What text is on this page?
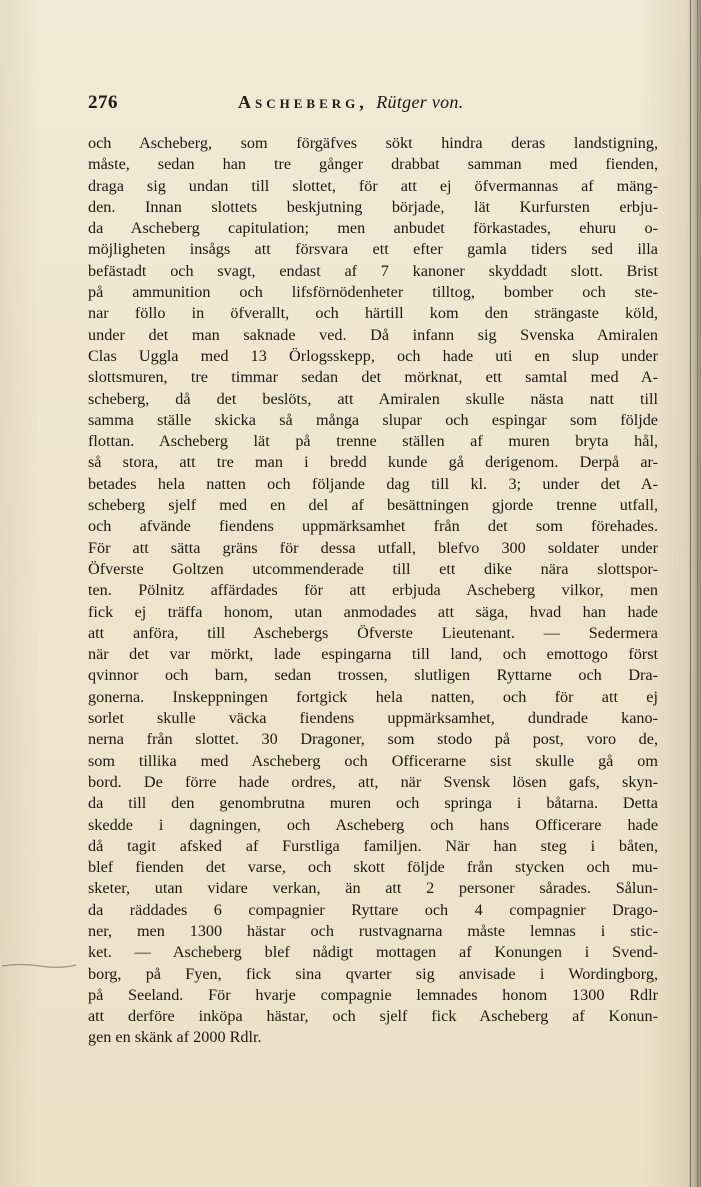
276	Ascheberg, Rütger von.
och Ascheberg, som förgäfves sökt hindra deras landstigning,
måste, sedan han tre gånger drabbat samman med fienden,
draga sig undan till slottet, för att ej öfvermannas af mäng-
den. Innan slottets beskjutning började, lät Kurfursten erbju-
da Ascheberg capitulation; men anbudet förkastades, ehuru o-
möjligheten insågs att försvara ett efter gamla tiders sed illa
befästadt och svagt, endast af 7 kanoner skyddadt slott. Brist
på ammunition och lifsförnödenheter tilltog, bomber och ste-
nar föllo in öfverallt, och härtill kom den strängaste köld,
under det man saknade ved. Då infann sig Svenska Amiralen
Clas Uggla med 13 Örlogsskepp, och hade uti en slup under
slottsmuren, tre timmar sedan det mörknat, ett samtal med A-
scheberg, då det beslöts, att Amiralen skulle nästa natt till
samma ställe skicka så många slupar och espingar som följde
flottan. Ascheberg lät på trenne ställen af muren bryta hål,
så stora, att tre man i bredd kunde gå derigenom. Derpå ar-
betades hela natten och följande dag till kl. 3; under det A-
scheberg sjelf med en del af besättningen gjorde trenne utfall,
och afvände fiendens uppmärksamhet från det som förehades.
För att sätta gräns för dessa utfall, blefvo 300 soldater under
Öfverste Goltzen utcommenderade till ett dike nära slottspor-
ten. Pölnitz affärdades för att erbjuda Ascheberg vilkor, men
fick ej träffa honom, utan anmodades att säga, hvad han hade
att anföra, till Aschebergs Öfverste Lieutenant. — Sedermera
när det var mörkt, lade espingarna till land, och emottogo först
qvinnor och barn, sedan trossen, slutligen Ryttarne och Dra-
gonerna. Inskeppningen fortgick hela natten, och för att ej
sorlet skulle väcka fiendens uppmärksamhet, dundrade kano-
nerna från slottet. 30 Dragoner, som stodo på post, voro de,
som tillika med Ascheberg och Officerarne sist skulle gå om
bord. De förre hade ordres, att, när Svensk lösen gafs, skyn-
da till den genombrutna muren och springa i båtarna. Detta
skedde i dagningen, och Ascheberg och hans Officerare hade
då tagit afsked af Furstliga familjen. När han steg i båten,
blef fienden det varse, och skott följde från stycken och mu-
sketer, utan vidare verkan, än att 2 personer sårades. Sålun-
da räddades 6 compagnier Ryttare och 4 compagnier Drago-
ner, men 1300 hästar och rustvagnarna måste lemnas i stic-
ket. — Ascheberg blef nådigt mottagen af Konungen i Svend-
borg, på Fyen, fick sina qvarter sig anvisade i Wordingborg,
på Seeland. För hvarje compagnie lemnades honom 1300 Rdlr
att derföre inköpa hästar, och sjelf fick Ascheberg af Konun-
gen en skänk af 2000 Rdlr.
